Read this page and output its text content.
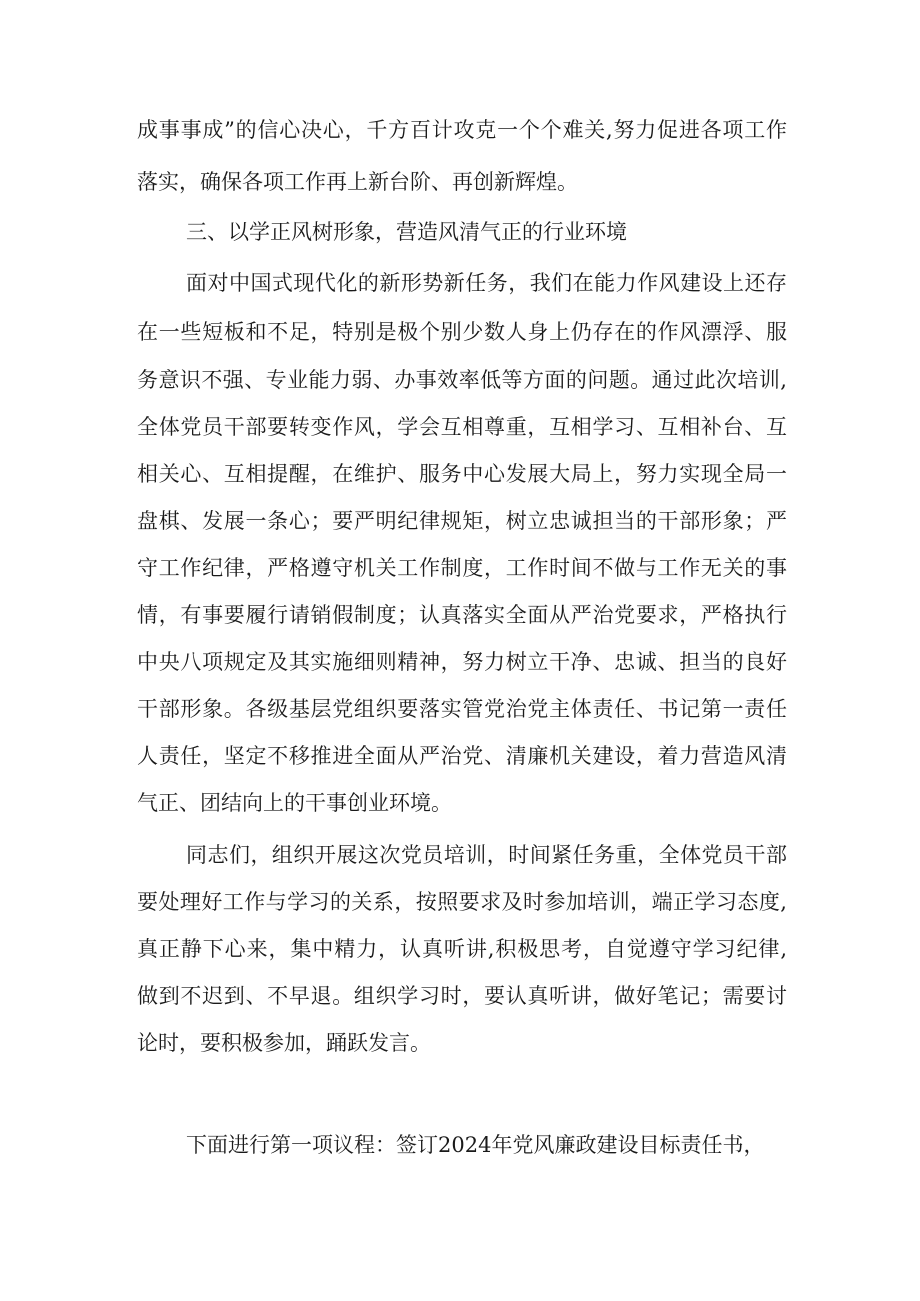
成事事成”的信心决心，千方百计攻克一个个难关,努力促进各项工作
落实，确保各项工作再上新台阶、再创新辉煌。
三、以学正风树形象，营造风清气正的行业环境
面对中国式现代化的新形势新任务，我们在能力作风建设上还存
在一些短板和不足，特别是极个别少数人身上仍存在的作风漂浮、服
务意识不强、专业能力弱、办事效率低等方面的问题。通过此次培训,
全体党员干部要转变作风，学会互相尊重，互相学习、互相补台、互
相关心、互相提醒，在维护、服务中心发展大局上，努力实现全局一
盘棋、发展一条心；要严明纪律规矩，树立忠诚担当的干部形象；严
守工作纪律，严格遵守机关工作制度，工作时间不做与工作无关的事
情，有事要履行请销假制度；认真落实全面从严治党要求，严格执行
中央八项规定及其实施细则精神，努力树立干净、忠诚、担当的良好
干部形象。各级基层党组织要落实管党治党主体责任、书记第一责任
人责任，坚定不移推进全面从严治党、清廉机关建设，着力营造风清
气正、团结向上的干事创业环境。
同志们，组织开展这次党员培训，时间紧任务重，全体党员干部
要处理好工作与学习的关系，按照要求及时参加培训，端正学习态度,
真正静下心来，集中精力，认真听讲,积极思考，自觉遵守学习纪律,
做到不迟到、不早退。组织学习时，要认真听讲，做好笔记；需要讨
论时，要积极参加，踊跃发言。
下面进行第一项议程：签订2024年党风廉政建设目标责任书，
